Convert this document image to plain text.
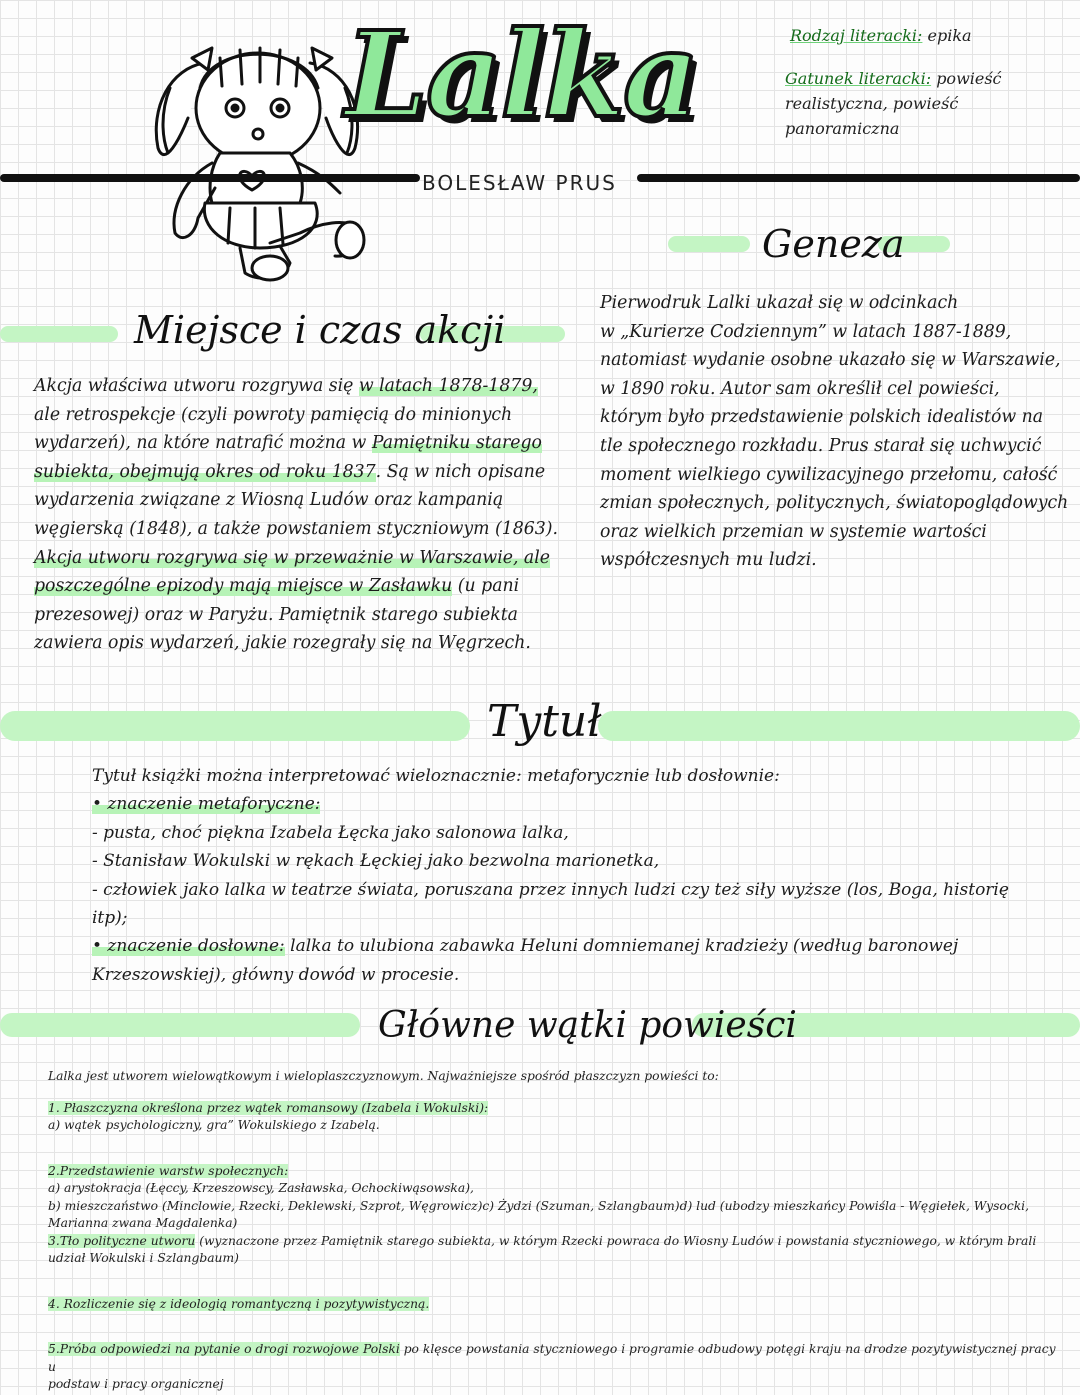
Lalka
BOLESŁAW PRUS
Rodzaj literacki: epika
Gatunek literacki: powieść
realistyczna, powieść panoramiczna
Geneza

Pierwodruk Lalki ukazał się w odcinkach

w „Kurierze Codziennym” w latach 1887-1889,

natomiast wydanie osobne ukazało się w Warszawie,

w 1890 roku. Autor sam określił cel powieści,

którym było przedstawienie polskich idealistów na

tle społecznego rozkładu. Prus starał się uchwycić

moment wielkiego cywilizacyjnego przełomu, całość

zmian społecznych, politycznych, światopoglądowych

oraz wielkich przemian w systemie wartości

współczesnych mu ludzi.

Miejsce i czas akcji

Akcja właściwa utworu rozgrywa się w latach 1878-1879,

ale retrospekcje (czyli powroty pamięcią do minionych

wydarzeń), na które natrafić można w Pamiętniku starego

subiekta, obejmują okres od roku 1837. Są w nich opisane

wydarzenia związane z Wiosną Ludów oraz kampanią

węgierską (1848), a także powstaniem styczniowym (1863).

Akcja utworu rozgrywa się w przeważnie w Warszawie, ale

poszczególne epizody mają miejsce w Zasławku (u pani

prezesowej) oraz w Paryżu. Pamiętnik starego subiekta

zawiera opis wydarzeń, jakie rozegrały się na Węgrzech.

Tytuł

Tytuł książki można interpretować wieloznacznie: metaforycznie lub dosłownie:

• znaczenie metaforyczne:

- pusta, choć piękna Izabela Łęcka jako salonowa lalka,

- Stanisław Wokulski w rękach Łęckiej jako bezwolna marionetka,

- człowiek jako lalka w teatrze świata, poruszana przez innych ludzi czy też siły wyższe (los, Boga, historię

itp);

• znaczenie dosłowne: lalka to ulubiona zabawka Heluni domniemanej kradzieży (według baronowej

Krzeszowskiej), główny dowód w procesie.

Główne wątki powieści

Lalka jest utworem wielowątkowym i wieloplaszczyznowym. Najważniejsze spośród płaszczyzn powieści to:

1. Płaszczyzna określona przez wątek romansowy (Izabela i Wokulski):

a) wątek psychologiczny, gra” Wokulskiego z Izabelą.

2.Przedstawienie warstw społecznych:

a) arystokracja (Łęccy, Krzeszowscy, Zasławska, Ochockiwąsowska),

b) mieszczaństwo (Minclowie, Rzecki, Deklewski, Szprot, Węgrowicz)c) Żydzi (Szuman, Szlangbaum)d) lud (ubodzy mieszkańcy Powiśla - Węgiełek, Wysocki,

Marianna zwana Magdalenka)

3.Tło polityczne utworu (wyznaczone przez Pamiętnik starego subiekta, w którym Rzecki powraca do Wiosny Ludów i powstania styczniowego, w którym brali

udział Wokulski i Szlangbaum)

4. Rozliczenie się z ideologią romantyczną i pozytywistyczną.

5.Próba odpowiedzi na pytanie o drogi rozwojowe Polski po klęsce powstania styczniowego i programie odbudowy potęgi kraju na drodze pozytywistycznej pracy u

podstaw i pracy organicznej
